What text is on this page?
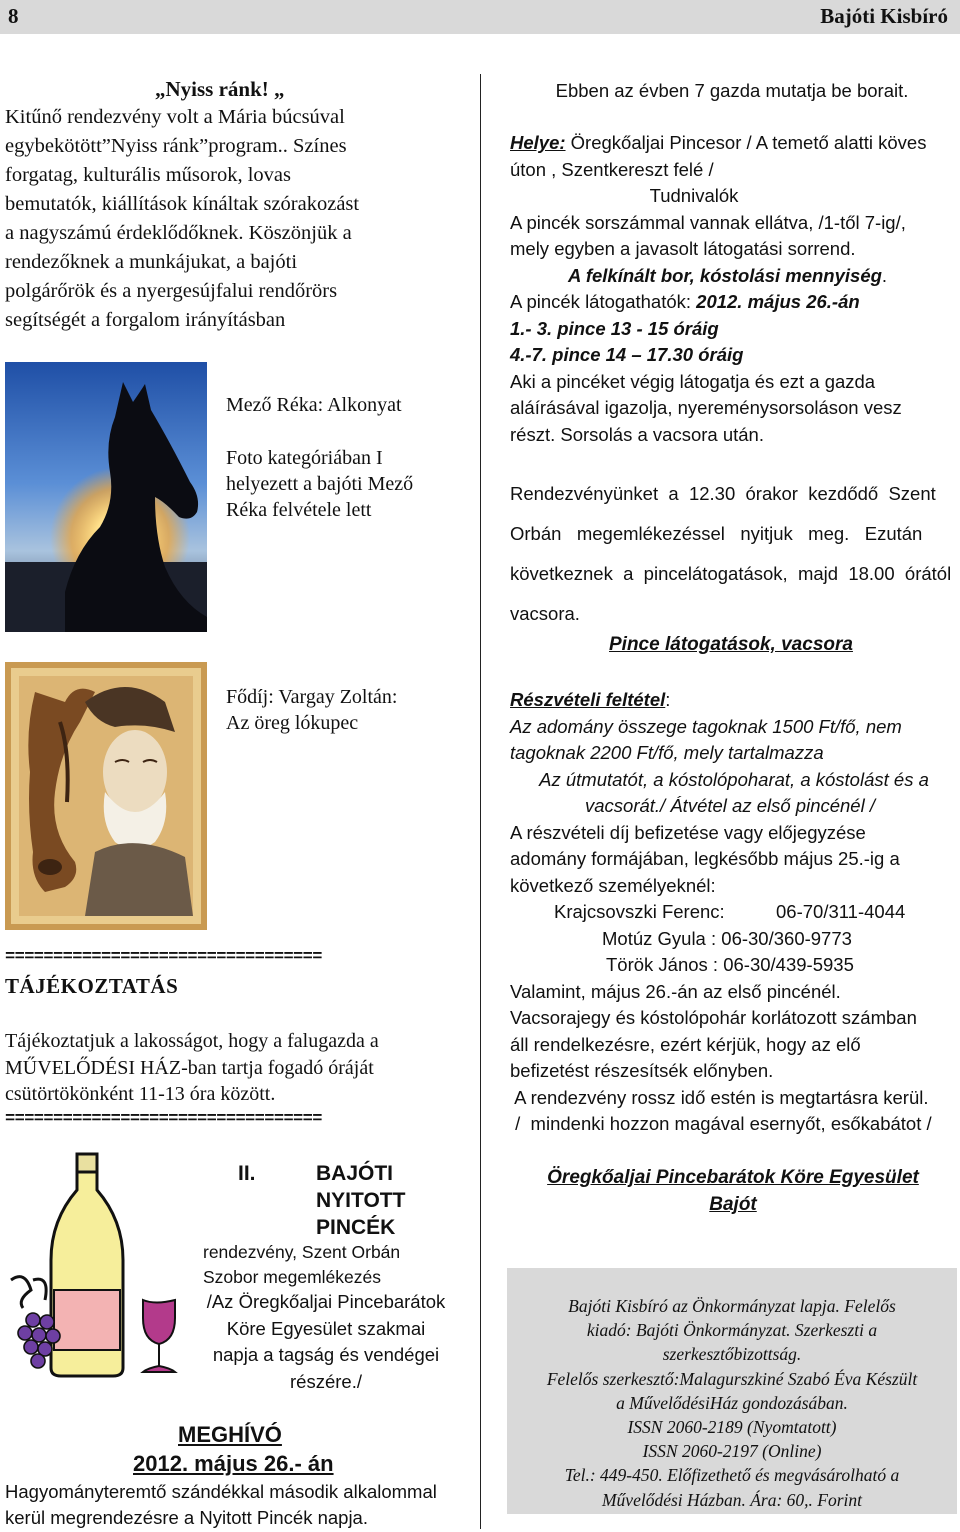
8	Bajóti Kisbíró
„Nyiss ránk! „
Kitűnő rendezvény volt a Mária búcsúval
egybekötött”Nyiss ránk”program.. Színes
forgatag, kulturális műsorok, lovas
bemutatók, kiállítások kínáltak szórakozást
a nagyszámú érdeklődőknek. Köszönjük a
rendezőknek a munkájukat, a bajóti
polgárőrök és a nyergesújfalui rendőrörs
segítségét a forgalom irányításban
Mező Réka: Alkonyat
Foto kategóriában I
helyezett a bajóti Mező
Réka felvétele lett
Fődíj: Vargay Zoltán:
Az öreg lókupec
=================================
TÁJÉKOZTATÁS
Tájékoztatjuk a lakosságot, hogy a falugazda a
MŰVELŐDÉSI HÁZ-ban tartja fogadó óráját
csütörtökönként 11-13 óra között.
=================================
II.	BAJÓTI
NYITOTT
PINCÉK
rendezvény, Szent Orbán
Szobor megemlékezés
/Az Öregkőaljai Pincebarátok
Köre Egyesület szakmai
napja a tagság és vendégei
részére./
MEGHÍVÓ
2012. május 26.- án
Hagyományteremtő szándékkal második alkalommal
kerül megrendezésre a Nyitott Pincék napja.
Ebben az évben 7 gazda mutatja be borait.

Helye: Öregkőaljai Pincesor / A temető alatti köves

úton , Szentkereszt felé /

Tudnivalók

A pincék sorszámmal vannak ellátva, /1-től 7-ig/,

mely egyben a javasolt látogatási sorrend.

A felkínált bor, kóstolási mennyiség.

A pincék látogathatók: 2012. május 26.-án

1.- 3. pince 13 - 15 óráig

4.-7. pince 14 – 17.30 óráig

Aki a pincéket végig látogatja és ezt a gazda

aláírásával igazolja, nyereménysorsoláson vesz

részt. Sorsolás a vacsora után.

Rendezvényünket  a  12.30  órakor  kezdődő  Szent

Orbán   megemlékezéssel   nyitjuk   meg.   Ezután

következnek  a  pincelátogatások,  majd  18.00  órától

vacsora.

Pince látogatások, vacsora

Részvételi feltétel:

Az adomány összege tagoknak 1500 Ft/fő, nem

tagoknak 2200 Ft/fő, mely tartalmazza

Az útmutatót, a kóstolópoharat, a kóstolást és a

vacsorát./ Átvétel az első pincénél /

A részvételi díj befizetése vagy előjegyzése

adomány formájában, legkésőbb május 25.-ig a

következő személyeknél:

Krajcsovszki Ferenc:	06-70/311-4044

Motúz Gyula : 06-30/360-9773

Török János : 06-30/439-5935

Valamint, május 26.-án az első pincénél.

Vacsorajegy és kóstolópohár korlátozott számban

áll rendelkezésre, ezért kérjük, hogy az elő

befizetést részesítsék előnyben.

A rendezvény rossz idő estén is megtartásra kerül.

/  mindenki hozzon magával esernyőt, esőkabátot /

Öregkőaljai Pincebarátok Köre Egyesület
Bajót

Bajóti Kisbíró az Önkormányzat lapja. Felelős

kiadó: Bajóti Önkormányzat. Szerkeszti a

szerkesztőbizottság.

Felelős szerkesztő:Malagurszkiné Szabó Éva Készült

a MűvelődésiHáz gondozásában.

ISSN 2060-2189 (Nyomtatott)

ISSN 2060-2197 (Online)

Tel.: 449-450. Előfizethető és megvásárolható a

Művelődési Házban. Ára: 60,. Forint
